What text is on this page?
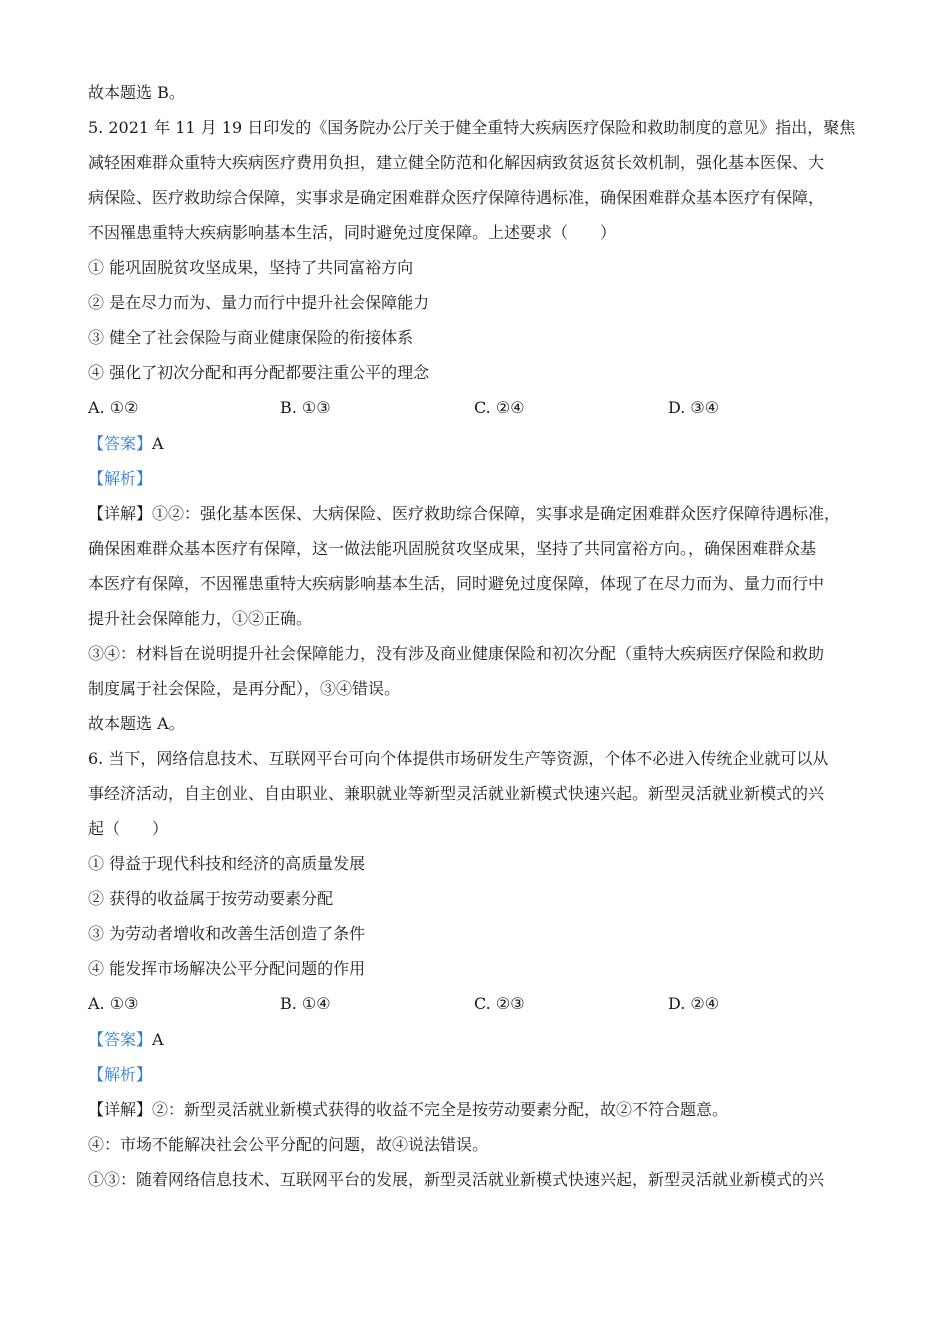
故本题选 B。
5. 2021 年 11 月 19 日印发的《国务院办公厅关于健全重特大疾病医疗保险和救助制度的意见》指出，聚焦
减轻困难群众重特大疾病医疗费用负担，建立健全防范和化解因病致贫返贫长效机制，强化基本医保、大
病保险、医疗救助综合保障，实事求是确定困难群众医疗保障待遇标准，确保困难群众基本医疗有保障，
不因罹患重特大疾病影响基本生活，同时避免过度保障。上述要求（　　）
① 能巩固脱贫攻坚成果，坚持了共同富裕方向
② 是在尽力而为、量力而行中提升社会保障能力
③ 健全了社会保险与商业健康保险的衔接体系
④ 强化了初次分配和再分配都要注重公平的理念
A. ①②	B. ①③	C. ②④	D. ③④
【答案】A
【解析】
【详解】①②：强化基本医保、大病保险、医疗救助综合保障，实事求是确定困难群众医疗保障待遇标准，
确保困难群众基本医疗有保障，这一做法能巩固脱贫攻坚成果，坚持了共同富裕方向。，确保困难群众基
本医疗有保障，不因罹患重特大疾病影响基本生活，同时避免过度保障，体现了在尽力而为、量力而行中
提升社会保障能力，①②正确。
③④：材料旨在说明提升社会保障能力，没有涉及商业健康保险和初次分配（重特大疾病医疗保险和救助
制度属于社会保险，是再分配），③④错误。
故本题选 A。
6. 当下，网络信息技术、互联网平台可向个体提供市场研发生产等资源，个体不必进入传统企业就可以从
事经济活动，自主创业、自由职业、兼职就业等新型灵活就业新模式快速兴起。新型灵活就业新模式的兴
起（　　）
① 得益于现代科技和经济的高质量发展
② 获得的收益属于按劳动要素分配
③ 为劳动者增收和改善生活创造了条件
④ 能发挥市场解决公平分配问题的作用
A. ①③	B. ①④	C. ②③	D. ②④
【答案】A
【解析】
【详解】②：新型灵活就业新模式获得的收益不完全是按劳动要素分配，故②不符合题意。
④：市场不能解决社会公平分配的问题，故④说法错误。
①③：随着网络信息技术、互联网平台的发展，新型灵活就业新模式快速兴起，新型灵活就业新模式的兴
